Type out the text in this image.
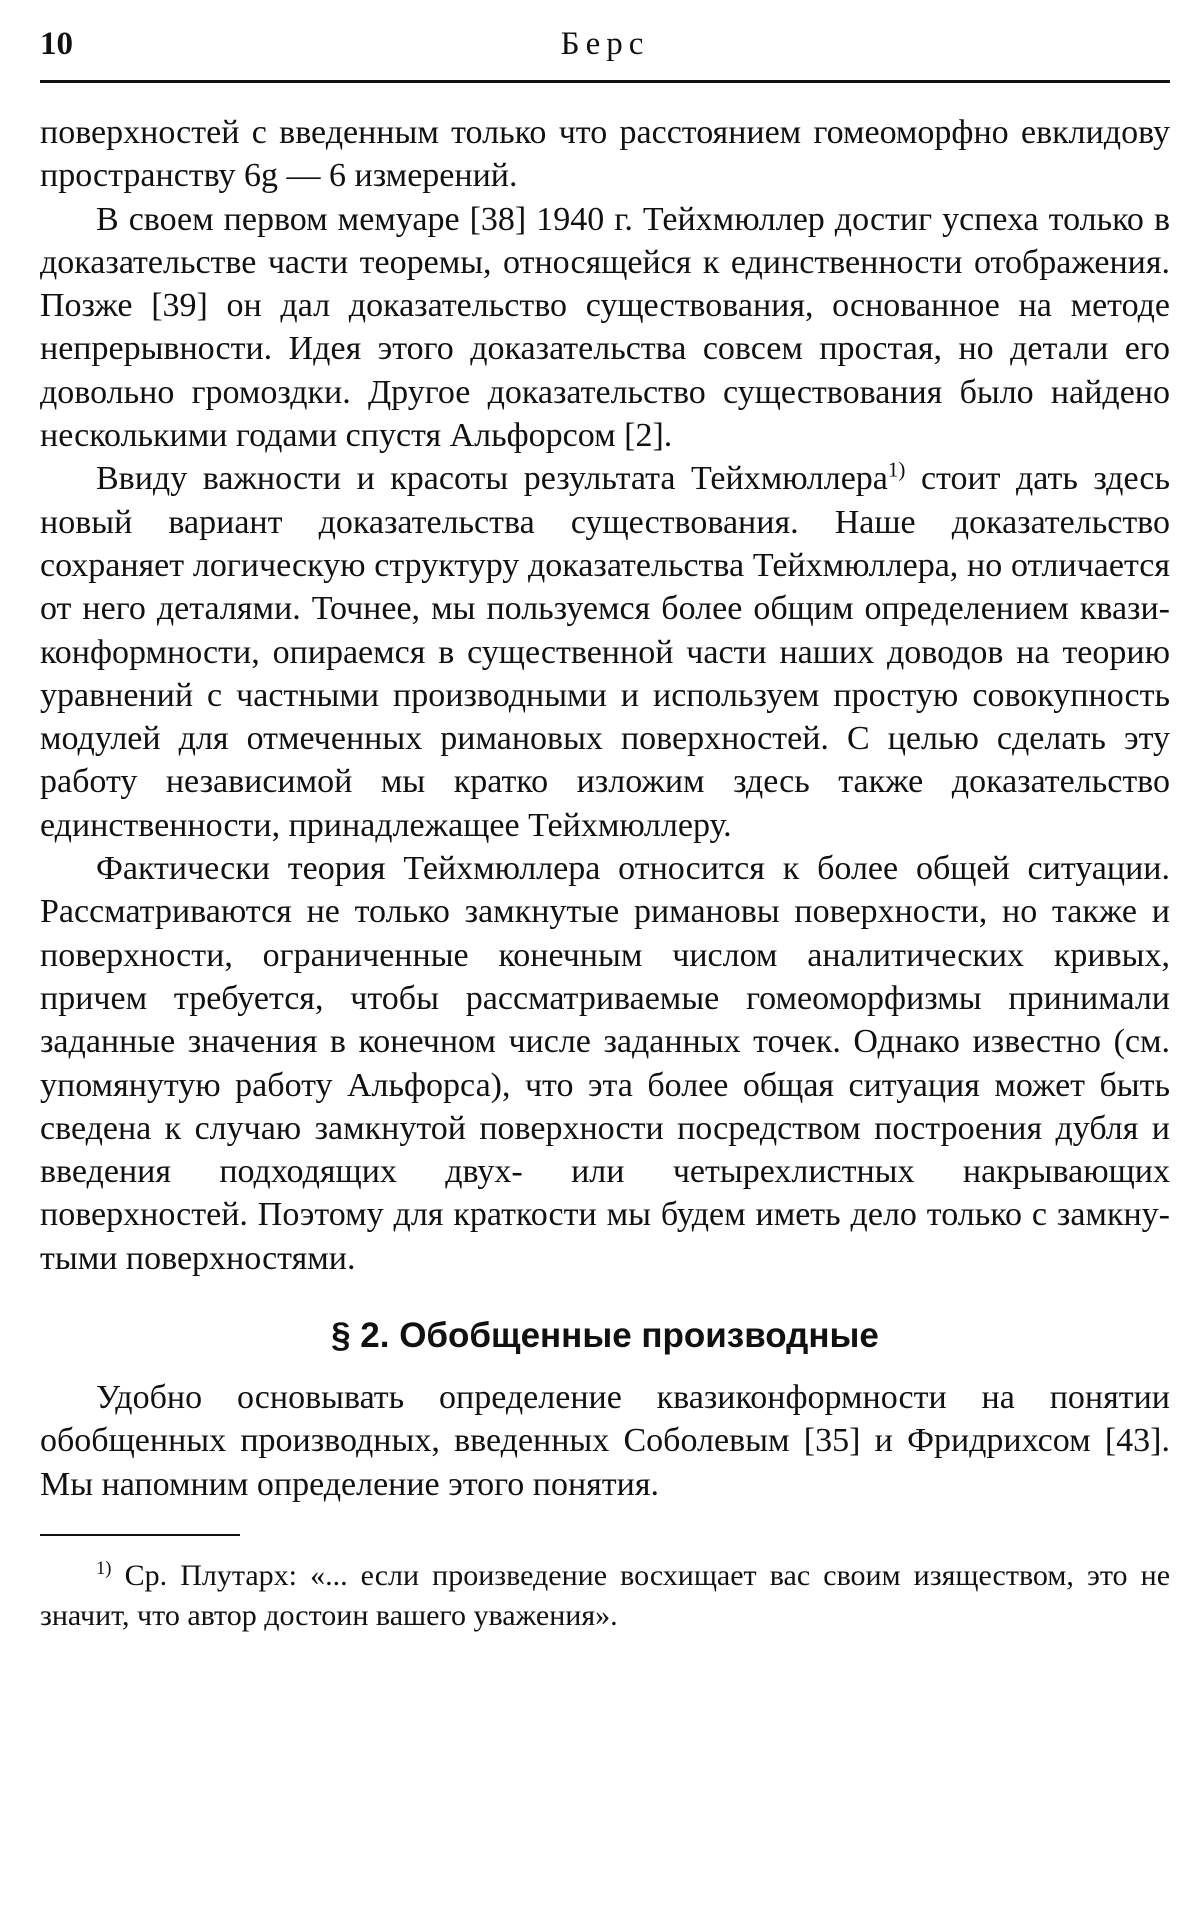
10	Берс

поверхностей с введенным только что расстоянием гомеоморфно евклидову пространству 6g — 6 измерений.

В своем первом мемуаре [38] 1940 г. Тейхмюллер достиг успеха только в доказательстве части теоремы, относящейся к единственности отображения. Позже [39] он дал доказательство существования, основанное на методе непрерывности. Идея этого доказательства совсем простая, но детали его довольно громоздки. Другое доказательство существования было найдено несколькими годами спустя Альфорсом [2].

Ввиду важности и красоты результата Тейхмюллера$^{1)}$ стоит дать здесь новый вариант доказательства существования. Наше доказательство сохраняет логическую структуру доказательства Тейхмюллера, но отличается от него деталями. Точнее, мы пользуемся более общим определением квазиконформности, опираемся в существенной части наших доводов на теорию уравнений с частными производными и используем простую совокупность модулей для отмеченных римановых поверхностей. С целью сделать эту работу независимой мы кратко изложим здесь также доказательство единственности, принадлежащее Тейхмюллеру.

Фактически теория Тейхмюллера относится к более общей ситуации. Рассматриваются не только замкнутые римановы поверхности, но также и поверхности, ограниченные конечным числом аналитических кривых, причем требуется, чтобы рассматриваемые гомеоморфизмы принимали заданные значения в конечном числе заданных точек. Однако известно (см. упомянутую работу Альфорса), что эта более общая ситуация может быть сведена к случаю замкнутой поверхности посредством построения дубля и введения подходящих двух- или четырехлистных накрывающих поверхностей. Поэтому для краткости мы будем иметь дело только с замкнутыми поверхностями.

§ 2. Обобщенные производные

Удобно основывать определение квазиконформности на понятии обобщенных производных, введенных Соболевым [35] и Фридрихсом [43]. Мы напомним определение этого понятия.

$^{1)}$ Ср. Плутарх: «... если произведение восхищает вас своим изяществом, это не значит, что автор достоин вашего уважения».
